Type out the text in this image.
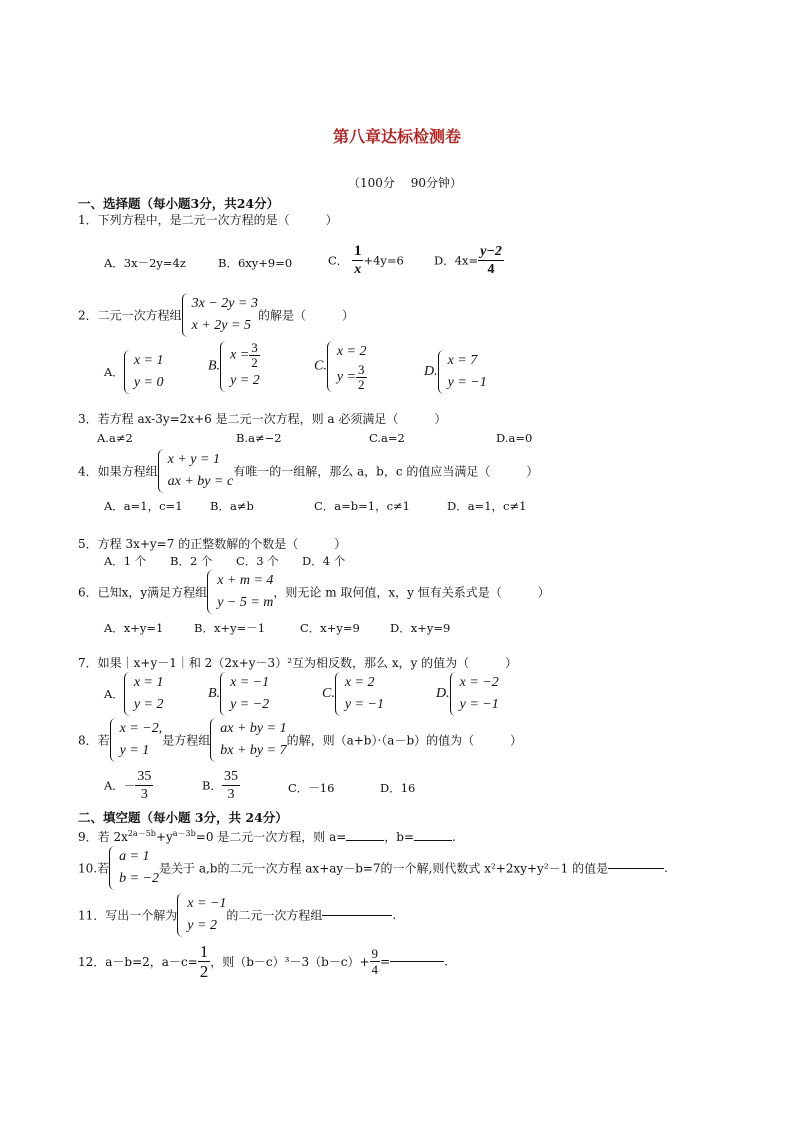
第八章达标检测卷
（100分　 90分钟）
一、选择题（每小题3分，共24分）
1．下列方程中，是二元一次方程的是（　　　）
A．3x－2y=4z	B．6xy+9=0	C． $\frac{1}{x} +4y=6$	D．$4x= \frac{y-2}{4}$
2．二元一次方程组
3x − 2y = 3
x + 2y = 5
的解是（　　　）
A．
x = 1
y = 0
B.
$x = \frac{3}{2}$
y = 2
C.
x = 2
$y = \frac{3}{2}$	D.
x = 7
y = −1
3．若方程 ax-3y=2x+6 是二元一次方程，则 a 必须满足（　　　）
A.a≠2	B.a≠−2	C.a=2	D.a=0
4．如果方程组
x + y = 1
ax + by = c
有唯一的一组解，那么 a，b，c 的值应当满足（　　　）
A．a=1，c=1 B．a≠b	C．a=b=1，c≠1	D．a=1，c≠1
5．方程 3x+y=7 的正整数解的个数是（　　　）
A．1 个 B．2 个 C．3 个 D．4 个
6．已知x，y满足方程组
x + m = 4
y − 5 = m
，则无论 m 取何值，x，y 恒有关系式是（　　　）
A．x+y=1	B．x+y=－1	C．x+y=9	D．x+y=9
7．如果｜x+y－1｜和 2（2x+y－3）²互为相反数，那么 x，y 的值为（　　　）
A．
x = 1
y = 2
B.
x = −1
y = −2
C.
x = 2
y = −1
D.
x = −2
y = −1
8．若
x = −2,
y = 1
是方程组
ax + by = 1
bx + by = 7
的解，则（a+b）·（a－b）的值为（　　　）
A．－ $\frac{35}{3}$	B． $\frac{35}{3}$	C．－16	D．16
二、填空题（每小题 3分，共 24分）
9．若 $2x^{2a-5b}+y^{a-3b}=0$ 是二元一次方程，则 a=	，b=	.
10.若
a = 1
b = −2
是关于 a,b的二元一次方程 ax+ay－b=7的一个解,则代数式 x²+2xy+y²－1 的值是	.
11．写出一个解为
x = −1
y = 2
的二元一次方程组	.
12．a－b=2，$a-c= \frac{1}{2}$ ，则$(b-c)^3-3(b-c)+ \frac{9}{4}$ =	.
